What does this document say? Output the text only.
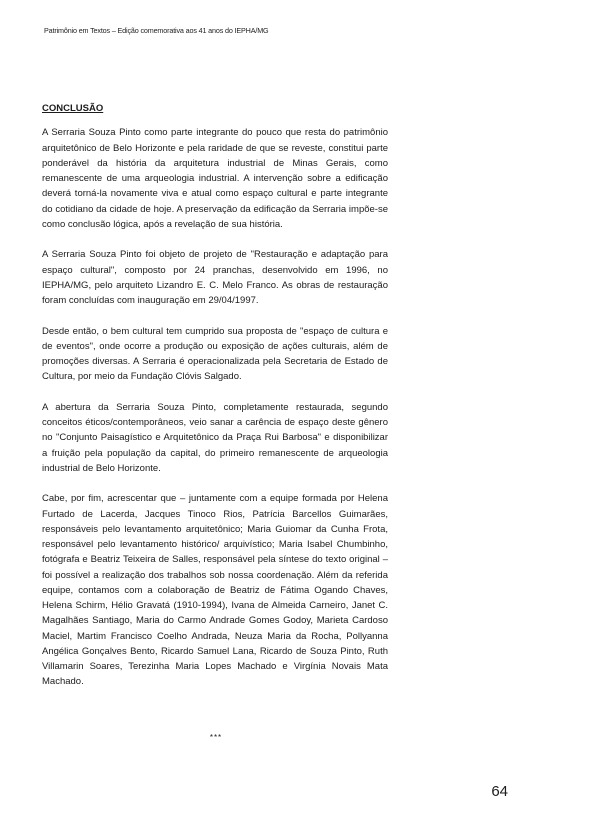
Patrimônio em Textos – Edição comemorativa aos 41 anos do IEPHA/MG

CONCLUSÃO

A Serraria Souza Pinto como parte integrante do pouco que resta do patrimônio arquitetônico de Belo Horizonte e pela raridade de que se reveste, constitui parte ponderável da história da arquitetura industrial de Minas Gerais, como remanescente de uma arqueologia industrial. A intervenção sobre a edificação deverá torná-la novamente viva e atual como espaço cultural e parte integrante do cotidiano da cidade de hoje. A preservação da edificação da Serraria impõe-se como conclusão lógica, após a revelação de sua história.

A Serraria Souza Pinto foi objeto de projeto de "Restauração e adaptação para espaço cultural", composto por 24 pranchas, desenvolvido em 1996, no IEPHA/MG, pelo arquiteto Lizandro E. C. Melo Franco. As obras de restauração foram concluídas com inauguração em 29/04/1997.

Desde então, o bem cultural tem cumprido sua proposta de "espaço de cultura e de eventos", onde ocorre a produção ou exposição de ações culturais, além de promoções diversas. A Serraria é operacionalizada pela Secretaria de Estado de Cultura, por meio da Fundação Clóvis Salgado.

A abertura da Serraria Souza Pinto, completamente restaurada, segundo conceitos éticos/contemporâneos, veio sanar a carência de espaço deste gênero no "Conjunto Paisagístico e Arquitetônico da Praça Rui Barbosa" e disponibilizar a fruição pela população da capital, do primeiro remanescente de arqueologia industrial de Belo Horizonte.

Cabe, por fim, acrescentar que – juntamente com a equipe formada por Helena Furtado de Lacerda, Jacques Tinoco Rios, Patrícia Barcellos Guimarães, responsáveis pelo levantamento arquitetônico; Maria Guiomar da Cunha Frota, responsável pelo levantamento histórico/ arquivístico; Maria Isabel Chumbinho, fotógrafa e Beatriz Teixeira de Salles, responsável pela síntese do texto original – foi possível a realização dos trabalhos sob nossa coordenação. Além da referida equipe, contamos com a colaboração de Beatriz de Fátima Ogando Chaves, Helena Schirm, Hélio Gravatá (1910-1994), Ivana de Almeida Carneiro, Janet C. Magalhães Santiago, Maria do Carmo Andrade Gomes Godoy, Marieta Cardoso Maciel, Martim Francisco Coelho Andrada, Neuza Maria da Rocha, Pollyanna Angélica Gonçalves Bento, Ricardo Samuel Lana, Ricardo de Souza Pinto, Ruth Villamarin Soares, Terezinha Maria Lopes Machado e Virgínia Novais Mata Machado.

***
64
